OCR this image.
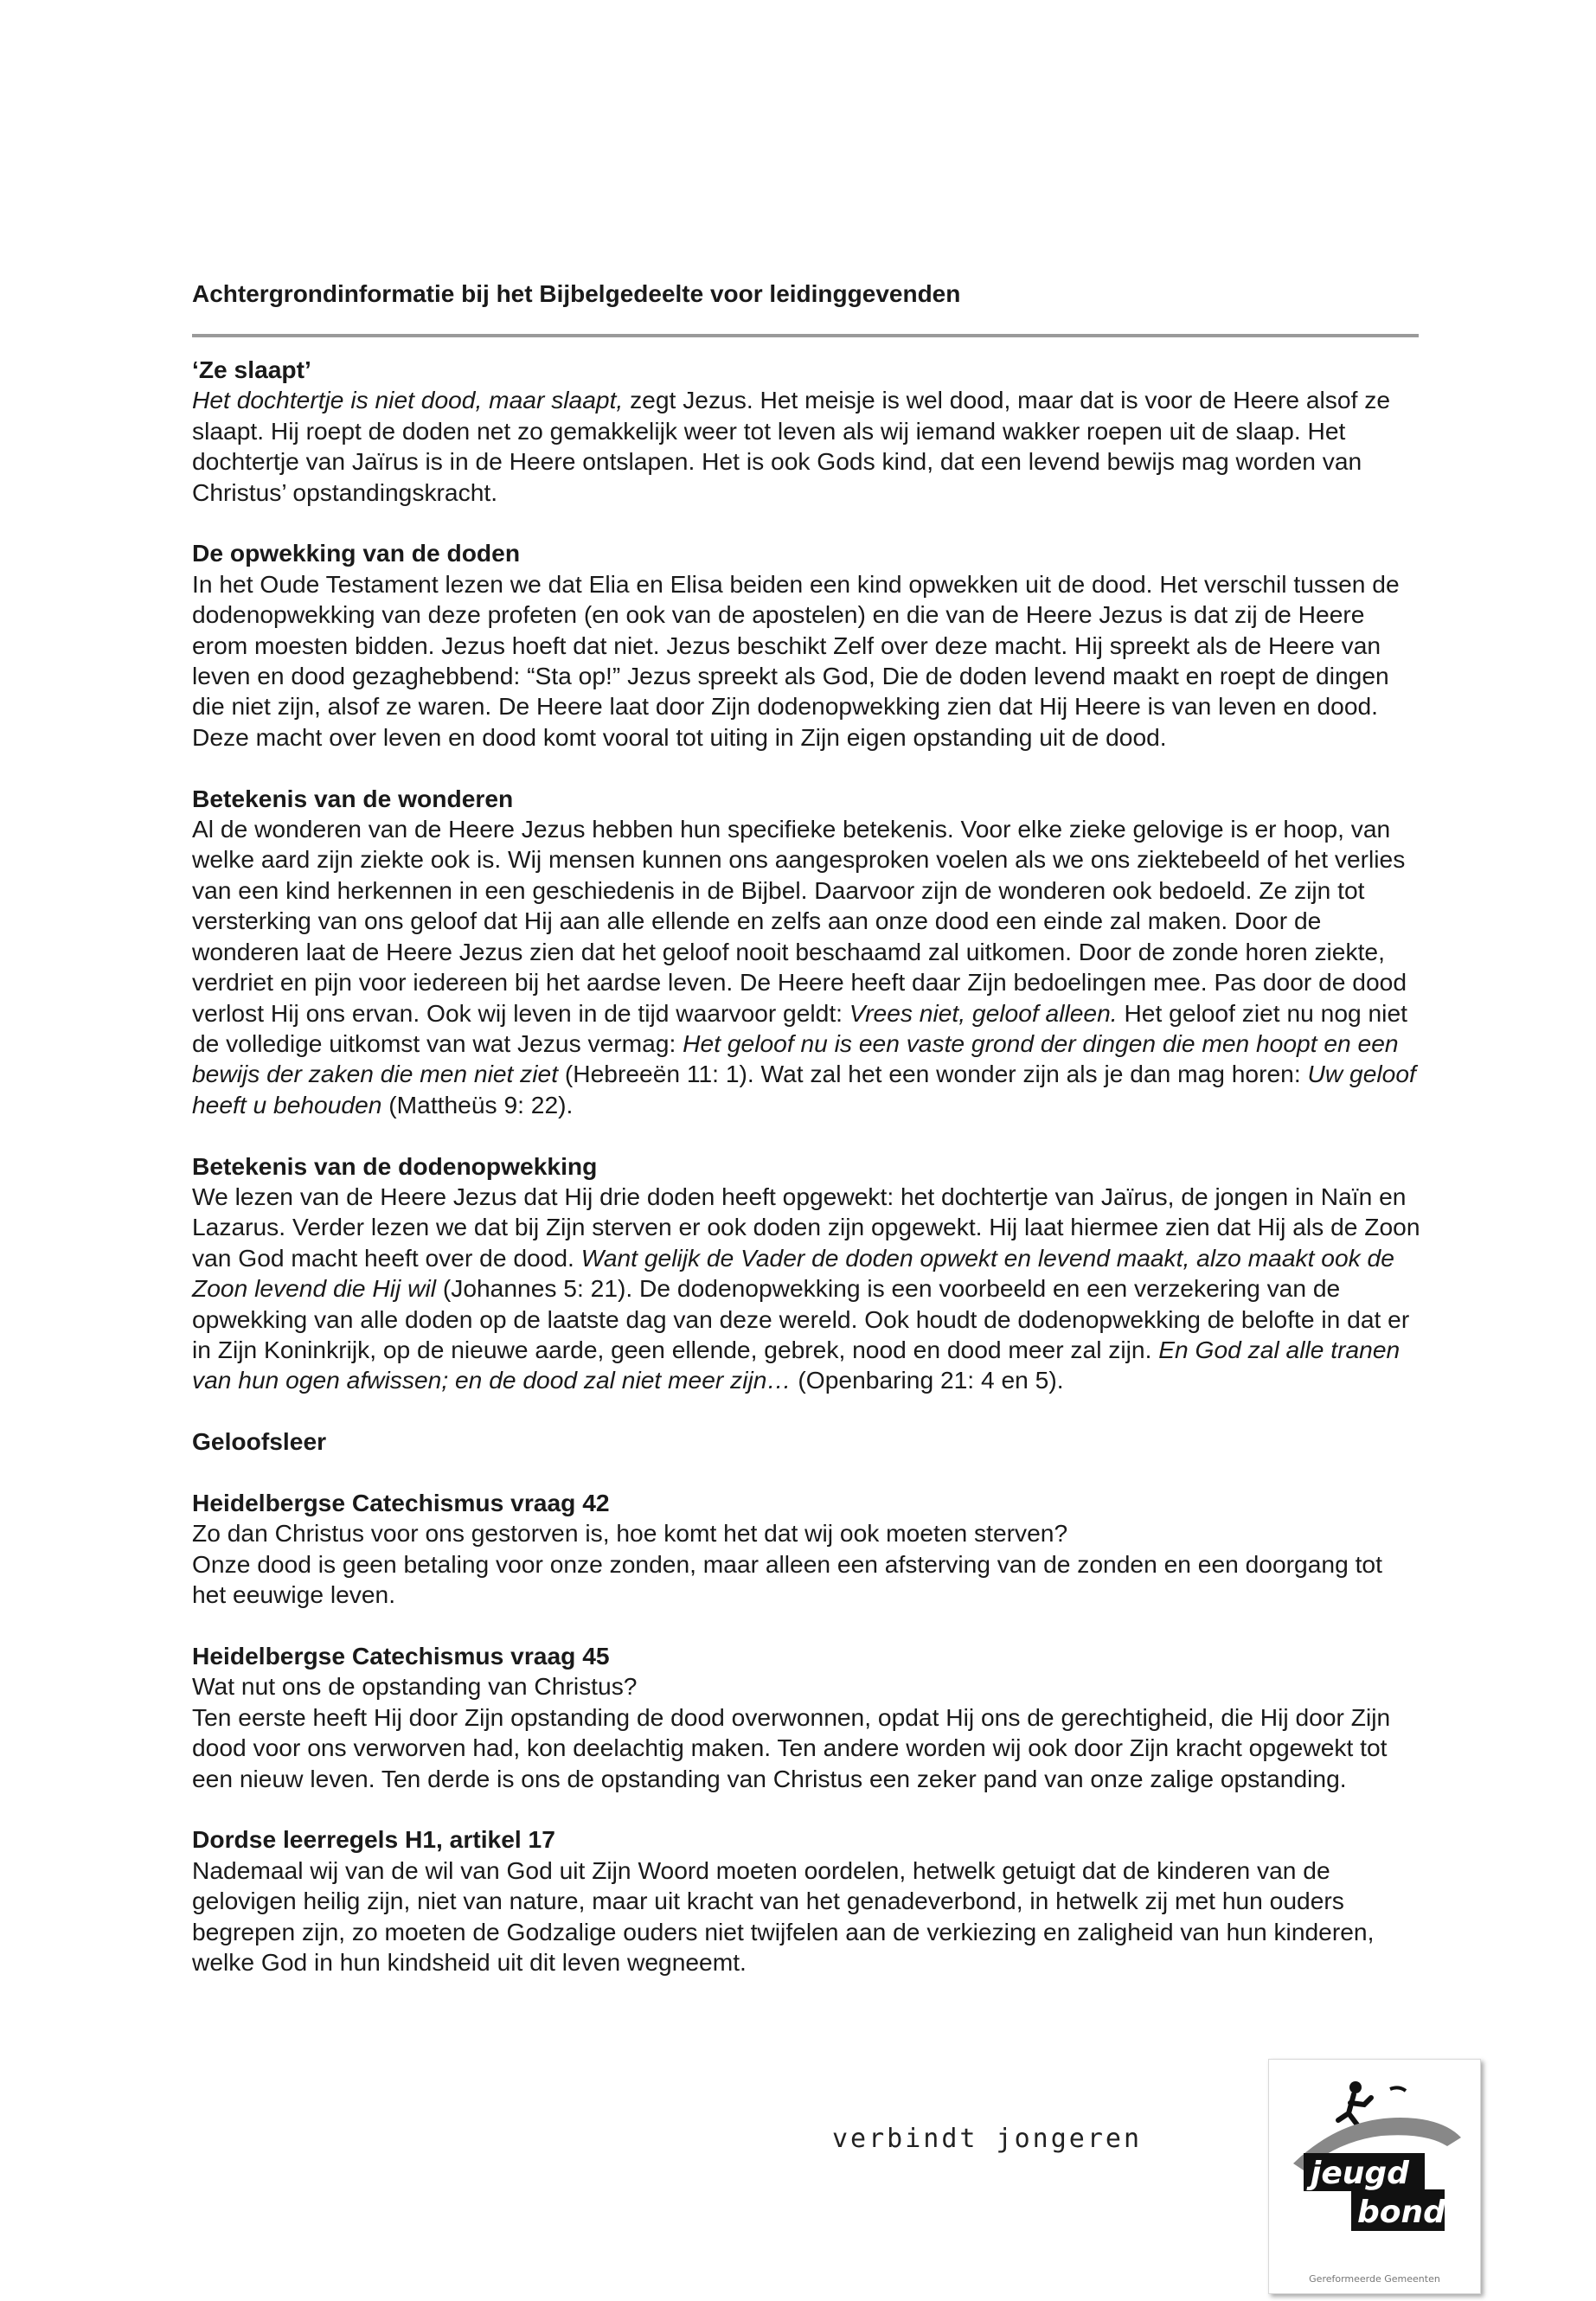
Achtergrondinformatie bij het Bijbelgedeelte voor leidinggevenden
‘Ze slaapt’
Het dochtertje is niet dood, maar slaapt, zegt Jezus. Het meisje is wel dood, maar dat is voor de Heere alsof ze slaapt. Hij roept de doden net zo gemakkelijk weer tot leven als wij iemand wakker roepen uit de slaap. Het dochtertje van Jaïrus is in de Heere ontslapen. Het is ook Gods kind, dat een levend bewijs mag worden van Christus’ opstandingskracht.
De opwekking van de doden
In het Oude Testament lezen we dat Elia en Elisa beiden een kind opwekken uit de dood. Het verschil tussen de dodenopwekking van deze profeten (en ook van de apostelen) en die van de Heere Jezus is dat zij de Heere erom moesten bidden. Jezus hoeft dat niet. Jezus beschikt Zelf over deze macht. Hij spreekt als de Heere van leven en dood gezaghebbend: “Sta op!” Jezus spreekt als God, Die de doden levend maakt en roept de dingen die niet zijn, alsof ze waren. De Heere laat door Zijn dodenopwekking zien dat Hij Heere is van leven en dood. Deze macht over leven en dood komt vooral tot uiting in Zijn eigen opstanding uit de dood.
Betekenis van de wonderen
Al de wonderen van de Heere Jezus hebben hun specifieke betekenis. Voor elke zieke gelovige is er hoop, van welke aard zijn ziekte ook is. Wij mensen kunnen ons aangesproken voelen als we ons ziektebeeld of het verlies van een kind herkennen in een geschiedenis in de Bijbel. Daarvoor zijn de wonderen ook bedoeld. Ze zijn tot versterking van ons geloof dat Hij aan alle ellende en zelfs aan onze dood een einde zal maken. Door de wonderen laat de Heere Jezus zien dat het geloof nooit beschaamd zal uitkomen. Door de zonde horen ziekte, verdriet en pijn voor iedereen bij het aardse leven. De Heere heeft daar Zijn bedoelingen mee. Pas door de dood verlost Hij ons ervan. Ook wij leven in de tijd waarvoor geldt: Vrees niet, geloof alleen. Het geloof ziet nu nog niet de volledige uitkomst van wat Jezus vermag: Het geloof nu is een vaste grond der dingen die men hoopt en een bewijs der zaken die men niet ziet (Hebreeën 11: 1). Wat zal het een wonder zijn als je dan mag horen: Uw geloof heeft u behouden (Mattheüs 9: 22).
Betekenis van de dodenopwekking
We lezen van de Heere Jezus dat Hij drie doden heeft opgewekt: het dochtertje van Jaïrus, de jongen in Naïn en Lazarus. Verder lezen we dat bij Zijn sterven er ook doden zijn opgewekt. Hij laat hiermee zien dat Hij als de Zoon van God macht heeft over de dood. Want gelijk de Vader de doden opwekt en levend maakt, alzo maakt ook de Zoon levend die Hij wil (Johannes 5: 21). De dodenopwekking is een voorbeeld en een verzekering van de opwekking van alle doden op de laatste dag van deze wereld. Ook houdt de dodenopwekking de belofte in dat er in Zijn Koninkrijk, op de nieuwe aarde, geen ellende, gebrek, nood en dood meer zal zijn. En God zal alle tranen van hun ogen afwissen; en de dood zal niet meer zijn… (Openbaring 21: 4 en 5).
Geloofsleer
Heidelbergse Catechismus vraag 42
Zo dan Christus voor ons gestorven is, hoe komt het dat wij ook moeten sterven?
Onze dood is geen betaling voor onze zonden, maar alleen een afsterving van de zonden en een doorgang tot het eeuwige leven.
Heidelbergse Catechismus vraag 45
Wat nut ons de opstanding van Christus?
Ten eerste heeft Hij door Zijn opstanding de dood overwonnen, opdat Hij ons de gerechtigheid, die Hij door Zijn dood voor ons verworven had, kon deelachtig maken. Ten andere worden wij ook door Zijn kracht opgewekt tot een nieuw leven. Ten derde is ons de opstanding van Christus een zeker pand van onze zalige opstanding.
Dordse leerregels H1, artikel 17
Nademaal wij van de wil van God uit Zijn Woord moeten oordelen, hetwelk getuigt dat de kinderen van de gelovigen heilig zijn, niet van nature, maar uit kracht van het genadeverbond, in hetwelk zij met hun ouders begrepen zijn, zo moeten de Godzalige ouders niet twijfelen aan de verkiezing en zaligheid van hun kinderen, welke God in hun kindsheid uit dit leven wegneemt.
verbindt jongeren
jeugd
bond
Gereformeerde Gemeenten
